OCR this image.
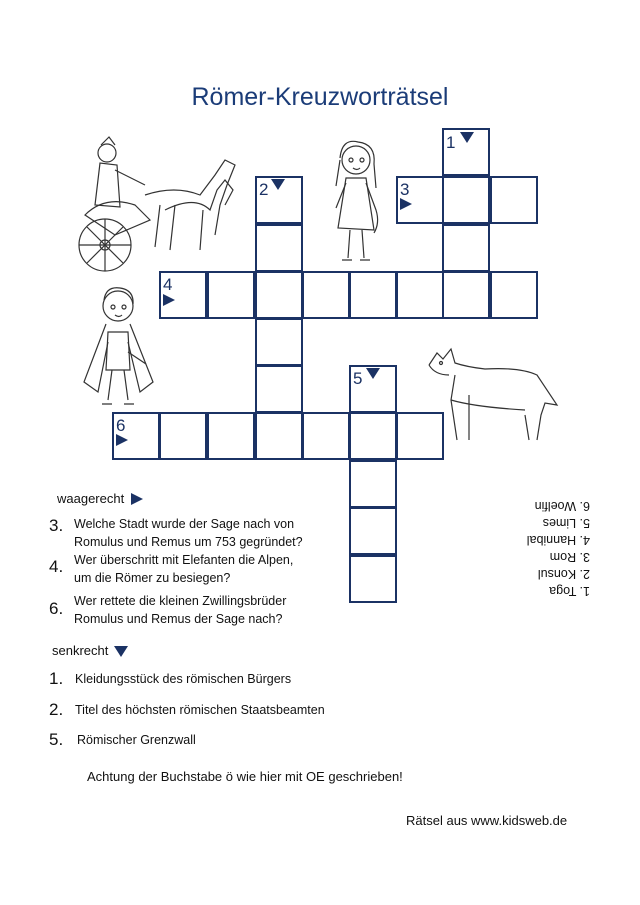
Römer-Kreuzworträtsel
1
2	3
4
5
6
waagerecht
3. Welche Stadt wurde der Sage nach von
Romulus und Remus um 753 gegründet?
4. Wer überschritt mit Elefanten die Alpen,
um die Römer zu besiegen?
6. Wer rettete die kleinen Zwillingsbrüder
Romulus und Remus der Sage nach?
senkrecht
1. Kleidungsstück des römischen Bürgers
2. Titel des höchsten römischen Staatsbeamten
5. Römischer Grenzwall
1. Toga
2. Konsul
3. Rom
4. Hannibal
5. Limes
6. Woelfin
Achtung der Buchstabe ö wie hier mit OE geschrieben!
Rätsel aus www.kidsweb.de
